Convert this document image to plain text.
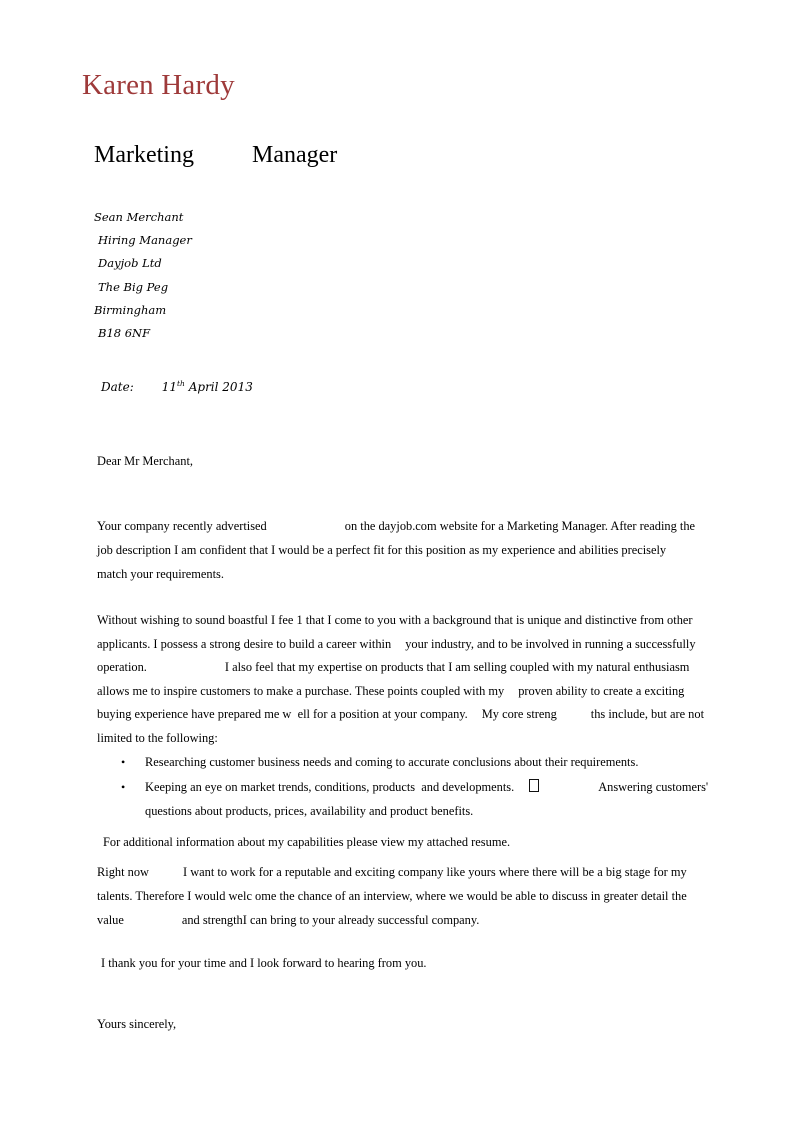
Karen Hardy
Marketing Manager
Sean Merchant
Hiring Manager
Dayjob Ltd
The Big Peg
Birmingham
B18 6NF
Date: 11th April 2013
Dear Mr Merchant,
Your company recently advertised	on the dayjob.com website for a Marketing Manager. After reading the job description I am confident that I would be a perfect fit for this position as my experience and abilities preciselymatch your requirements.
Without wishing to sound boastful I fee 1 that I come to you with a background that is unique and distinctive from other applicants. I possess a strong desire to build a career within your industry, and to be involved in running a successfully operation.	I also feel that my expertise on products that I am selling coupled with my natural enthusiasm allows me to inspire customers to make a purchase. These points coupled with my proven ability to create a exciting buying experience have prepared me w  ell for a position at your company. My core streng	ths include, but are not limited to the following:
• Researching customer business needs and coming to accurate conclusions about their requirements.
• Keeping an eye on market trends, conditions, products  and developments.	Answering customers' questions about products, prices, availability and product benefits.
For additional information about my capabilities please view my attached resume.
Right now	I want to work for a reputable and exciting company like yours where there will be a big stage for mytalents. Therefore I would welc ome the chance of an interview, where we would be able to discuss in greater detail the value	and strengthI can bring to your already successful company.
I thank you for your time and I look forward to hearing from you.
Yours sincerely,
